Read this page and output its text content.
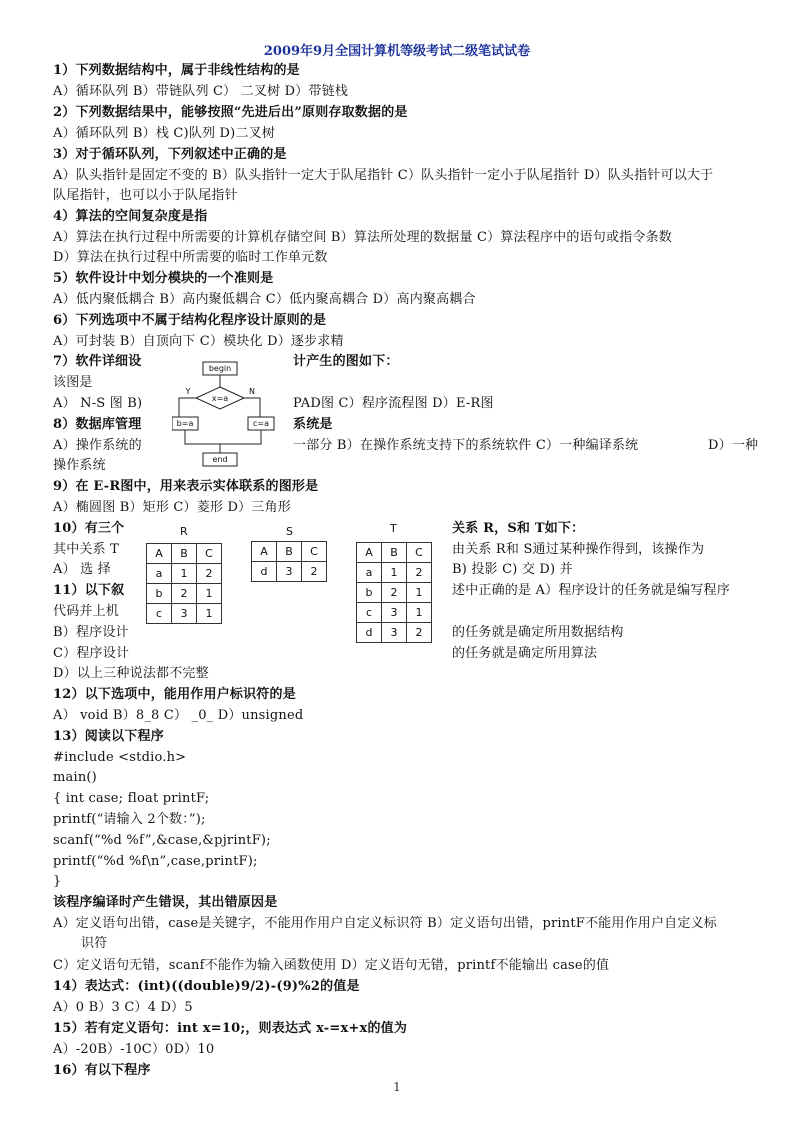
2009年9月全国计算机等级考试二级笔试试卷
1）下列数据结构中，属于非线性结构的是
A）循环队列 B）带链队列 C） 二叉树 D）带链栈
2）下列数据结果中，能够按照“先进后出”原则存取数据的是
A）循环队列 B）栈 C)队列 D)二叉树
3）对于循环队列，下列叙述中正确的是
A）队头指针是固定不变的 B）队头指针一定大于队尾指针 C）队头指针一定小于队尾指针 D）队头指针可以大于
队尾指针，也可以小于队尾指针
4）算法的空间复杂度是指
A）算法在执行过程中所需要的计算机存储空间 B）算法所处理的数据量 C）算法程序中的语句或指令条数
D）算法在执行过程中所需要的临时工作单元数
5）软件设计中划分模块的一个准则是
A）低内聚低耦合 B）高内聚低耦合 C）低内聚高耦合 D）高内聚高耦合
6）下列选项中不属于结构化程序设计原则的是
A）可封装 B）自顶向下 C）模块化 D）逐步求精
7）软件详细设	计产生的图如下：
该图是
A） N-S 图 B)	PAD图 C）程序流程图 D）E-R图
8）数据库管理	系统是
A）操作系统的	一部分 B）在操作系统支持下的系统软件 C）一种编译系统	D）一种
操作系统
9）在 E-R图中，用来表示实体联系的图形是
A）椭圆图 B）矩形 C）菱形 D）三角形
10）有三个	关系 R，S和 T如下：
其中关系 T	由关系 R和 S通过某种操作得到，该操作为
A） 选 择	B) 投影 C) 交 D) 并
11）以下叙	述中正确的是 A）程序设计的任务就是编写程序
代码并上机
B）程序设计	的任务就是确定所用数据结构
C）程序设计	的任务就是确定所用算法
D）以上三种说法都不完整
12）以下选项中，能用作用户标识符的是
A） void B）8_8 C） _0_ D）unsigned
13）阅读以下程序
#include <stdio.h>
main()
{ int case; float printF;
printf(“请输入 2个数：”);
scanf(“%d %f”,&case,&pjrintF);
printf(“%d %f\n”,case,printF);
}
该程序编译时产生错误，其出错原因是
A）定义语句出错，case是关键字，不能用作用户自定义标识符 B）定义语句出错，printF不能用作用户自定义标
识符
C）定义语句无错，scanf不能作为输入函数使用 D）定义语句无错，printf不能输出 case的值
14）表达式：(int)((double)9/2)-(9)%2的值是
A）0 B）3 C）4 D）5
15）若有定义语句：int x=10;，则表达式 x-=x+x的值为
A）-20B）-10C）0D）10
16）有以下程序
begin
x=a
Y	N
b=a	c=a
end
R
A	B	C
a	1	2
b	2	1
c	3	1
S
A	B	C
d	3	2
T
A	B	C
a	1	2
b	2	1
c	3	1
d	3	2
1
